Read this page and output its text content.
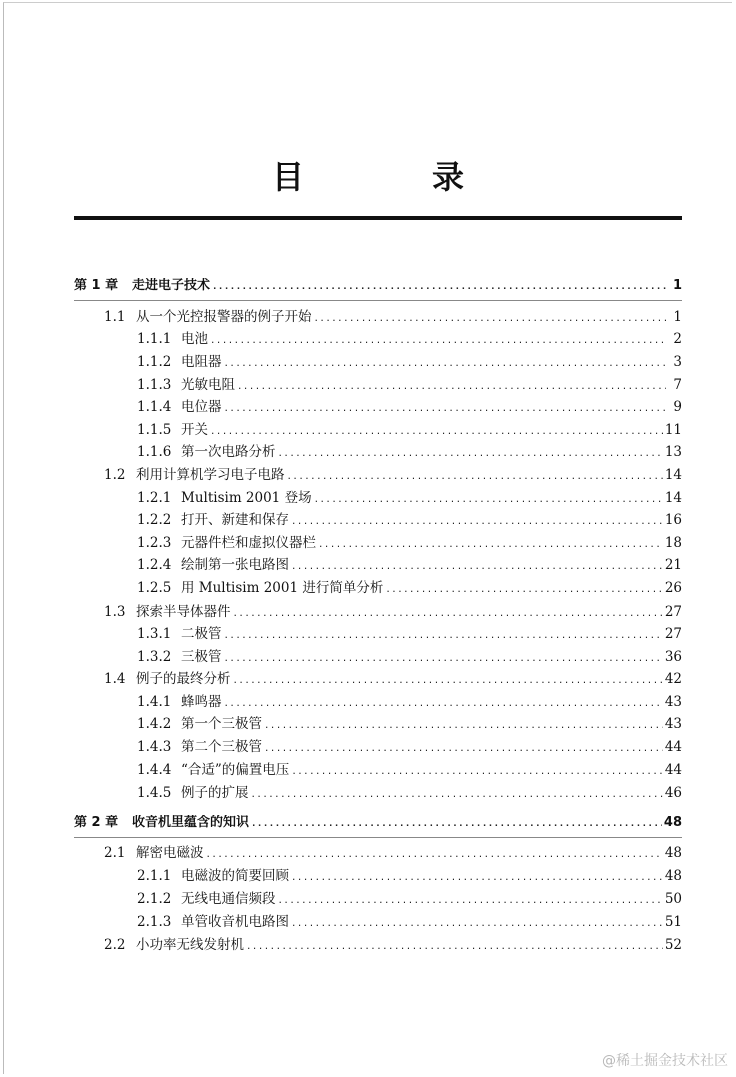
目　录
第 1 章	走进电子技术 .....	1
1.1 从一个光控报警器的例子开始 .....	1
1.1.1 电池 .....	2
1.1.2 电阻器 .....	3
1.1.3 光敏电阻 .....	7
1.1.4 电位器 .....	9
1.1.5 开关 .....	11
1.1.6 第一次电路分析 .....	13
1.2 利用计算机学习电子电路 .....	14
1.2.1 Multisim 2001 登场 .....	14
1.2.2 打开、新建和保存 .....	16
1.2.3 元器件栏和虚拟仪器栏 .....	18
1.2.4 绘制第一张电路图 .....	21
1.2.5 用 Multisim 2001 进行简单分析 .....	26
1.3 探索半导体器件 .....	27
1.3.1 二极管 .....	27
1.3.2 三极管 .....	36
1.4 例子的最终分析 .....	42
1.4.1 蜂鸣器 .....	43
1.4.2 第一个三极管 .....	43
1.4.3 第二个三极管 .....	44
1.4.4 “合适”的偏置电压 .....	44
1.4.5 例子的扩展 .....	46
第 2 章	收音机里蕴含的知识 .....	48
2.1 解密电磁波 .....	48
2.1.1 电磁波的简要回顾 .....	48
2.1.2 无线电通信频段 .....	50
2.1.3 单管收音机电路图 .....	51
2.2 小功率无线发射机 .....	52
@稀土掘金技术社区
